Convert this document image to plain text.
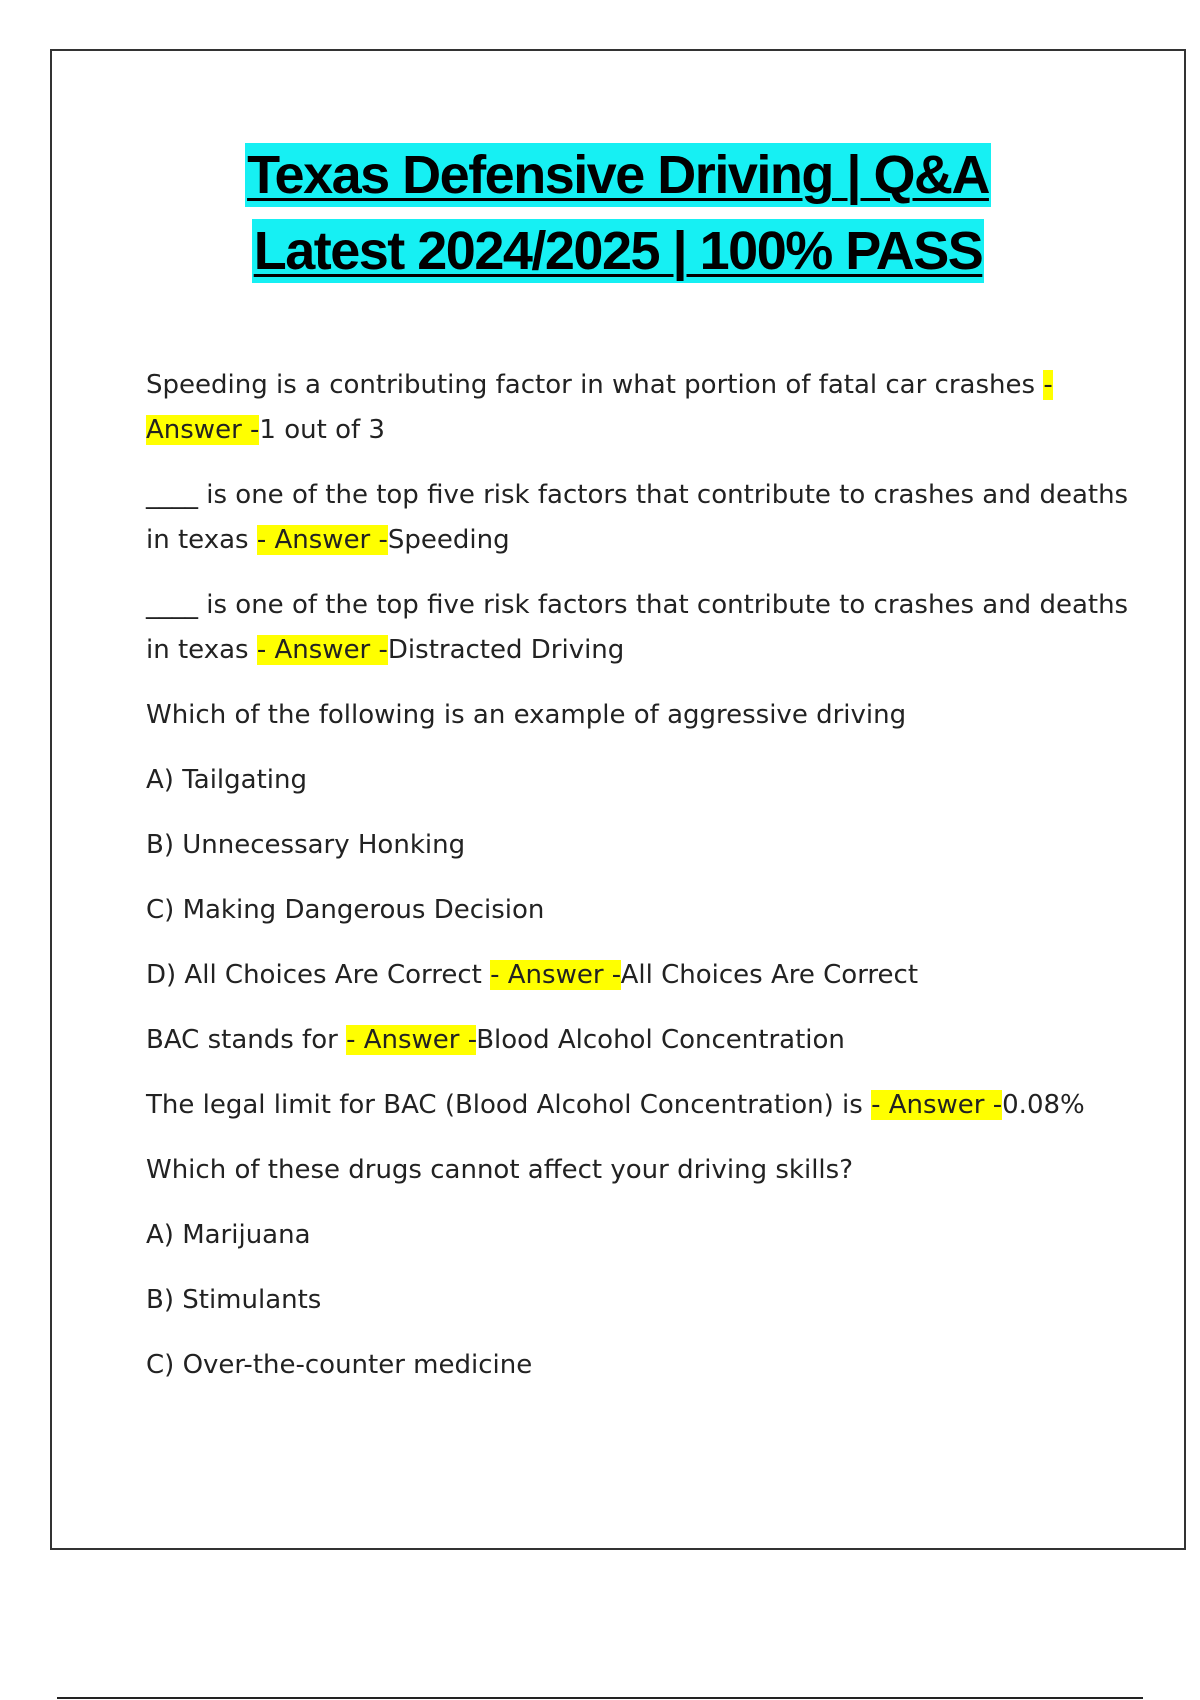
Texas Defensive Driving | Q&A
Latest 2024/2025 | 100% PASS

Speeding is a contributing factor in what portion of fatal car crashes - Answer -1 out of 3

____ is one of the top five risk factors that contribute to crashes and deaths in texas - Answer -Speeding

____ is one of the top five risk factors that contribute to crashes and deaths in texas - Answer -Distracted Driving

Which of the following is an example of aggressive driving

A) Tailgating

B) Unnecessary Honking

C) Making Dangerous Decision

D) All Choices Are Correct - Answer -All Choices Are Correct

BAC stands for - Answer -Blood Alcohol Concentration

The legal limit for BAC (Blood Alcohol Concentration) is - Answer -0.08%

Which of these drugs cannot affect your driving skills?

A) Marijuana

B) Stimulants

C) Over-the-counter medicine
